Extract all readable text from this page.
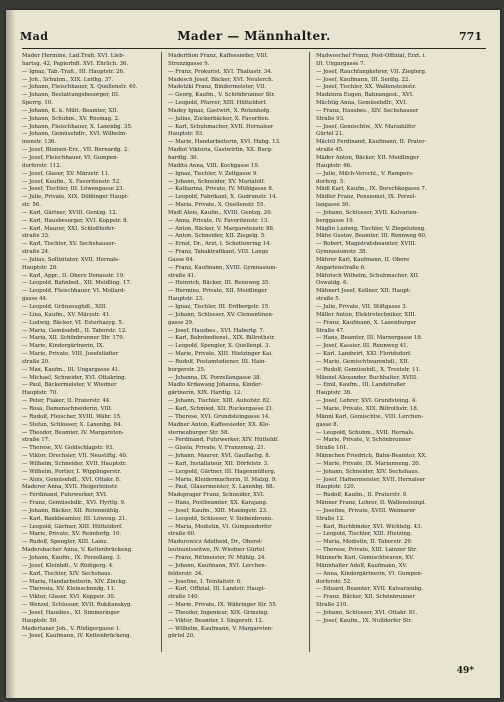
Mad	Mader — Männhalter.	771
Mader Hermine, Lad.Trafi. XVI. Lieb-
hartsg. 42, Papierhdl. XVI. Ehrlich. 36.
— Ignaz, Tab.-Trafi., III. Hauptstr. 26.
— Joh., Schuhm., XIX. Leithg. 37.
— Johann, Fleischhauer, X. Quellenstr. 40.
— Johann, Bestattungsbesorger, III.
Sperrg. 10.
— Johann, K. k. Milit.-Beamter, XII.
— Johann, Schuhm., XV. Rosinag. 2.
— Johann, Fleischhauer, X. Laxenbg. 35.
— Johann, Gemüsehdlr., XVI. Wilhelm-
inenstr. 136.
— Josef, Blumen-Erz., VII. Bernardg. 2.
— Josef, Fleischhauer, VI. Gumpen-
dorferstr. 112.
— Josef, Glaser, XV. Märzstr. 11.
— Josef, Kaufm., X. Favoritenstr. 52.
— Josef, Tischler, III. Löwengasse 23.
— Julie, Private, XIX. Döblinger Haupt-
str. 56.
— Karl, Gärtner, XVIII. Gentzg. 12.
— Karl, Hausbesorger, XVI. Koppstr. 8.
— Karl, Maurer, XXI. Schloßhofer-
straße 33.
— Karl, Tischler, XV. Sechshauser-
straße 24.
— Julius, Sollizitator, XVII. Hernals-
Hauptstr. 28.
— Karl, Appr., II. Obere Donaustr. 19.
— Leopold, Bahnbed., XII. Meidling. 17.
— Leopold, Fleischhauer, VI. Mollard-
gasse 44.
— Leopold, Grünzeughdl., XIII.
— Lina, Kaufm., XV. Märzstr. 41.
— Ludwig, Bäcker, VI. Esterhazyg. 5.
— Maria, Gemüsehdl., II. Taborstr. 12.
— Maria, XII. Schönbrunner Str. 179.
— Marie, Kindergärtnerin, IX.
— Marie, Private, VIII. Josefstädter
straße 20.
— Max, Kaufm., III. Ungargasse 41.
— Michael, Schneider, XVI. Ottakring.
— Paul, Bäckermeister, V. Wiedner
Hauptstr. 70.
— Peter, Fiaker, II. Praterstr. 44.
— Rosa, Damenschneiderin, VIII.
— Rudolf, Fleischer, XVIII. Währ. 15.
— Stefan, Schlosser, X. Laxenbg. 84.
— Theodor, Beamter, IV. Margareten-
straße 17.
— Therese, XV. Goldschlagstr. 93.
— Viktor, Drechsler, VII. Neustiftg. 40.
— Wilhelm, Schneider, XVII. Hauptstr.
— Wilhelm, Portier, I. Wipplingerstr.
— Alois, Gemüsehdl., XVI. Ottakr. 8.
Maderer Anna, XVII. Heigerleinstr.
— Ferdinand, Fuhrwerker, XVI.
— Franz, Gemüsehdlr., XVI. Hyrtlg. 9.
— Johann, Bäcker, XII. Rotenmühlg.
— Karl, Bankbeamter, III. Löweng. 21.
— Leopold, Gärtner, XIII. Hütteldorf.
— Marie, Private, XV. Reindorfg. 10.
— Rudolf, Spengler, XIII. Lainz.
Madersbacher Anna, V. Kettenbrückeng.
— Johann, Kaufm., IX. Porzellang. 3.
— Josef, Kleinhdl., V. Rüdigerg. 4.
— Karl, Tischler, XIV. Sechshaus.
— Maria, Handarbeiterin, XIV. Zinckg.
— Theresia, XV. Kleinschmidg. 11.
— Viktor, Glaser, XVI. Koppstr. 30.
— Wenzel, Schlosser, XVII. Rokitanskyg.
— Josef, Hausbes., XI. Simmeringer
Hauptstr. 50.
Madertaner Joh., V. Rüdigergasse 1.
— Josef, Kaufmann, IV. Kettenbrückeng.
Maderthon Franz, Kaffeesieder, VIII.
Strozzigasse 9.
— Franz, Prokurist, XVI. Thaliastr. 34.
Madesch Josef, Bäcker, XVI. Neulerch.
Madetzki Franz, Bindermeister, VII.
— Georg, Kaufm., V. Schönbrunner Str.
— Leopold, Pfarrer, XIII. Hütteldorf.
Madey Ignaz, Gastwirt, X. Rotenhofg.
— Julius, Zuckerbäcker, X. Favoriten.
— Karl, Schuhmacher, XVII. Hernalser
Hauptstr. 93.
— Marie, Handarbeiterin, XVI. Hubg. 13.
Madiot Viktoria, Gastwirtin, XX. Burg-
hardtg. 30.
Madita Anna, VIII. Kochgasse 19.
— Ignaz, Tischler, V. Zeltgasse 9.
— Johann, Schneider, XV. Mariahilf.
— Katharina, Private, IV. Mühlgasse 8.
— Leopold, Fabrikant, X. Gudrunstr. 14.
— Maria, Private, X. Quellenstr. 55.
Madl Alois, Kaufm., XVIII. Gentzg. 20.
— Anna, Private, IV. Favoritenstr. 13.
— Anton, Bäcker, V. Margaretenstr. 88.
— Anton, Schneider, XII. Ziegelg. 5.
— Ernst, Dr., Arzt, I. Schottenring 14.
— Franz, Tabaktrafikant, VIII. Lange
Gasse 64.
— Franz, Kaufmann, XVIII. Gymnasium-
straße 41.
— Heinrich, Bäcker, III. Rennweg 35.
— Hermine, Private, XII. Meidlinger
Hauptstr. 23.
— Ignaz, Tischler, III. Erdbergstr. 15.
— Johann, Schlosser, XV. Clementinen-
gasse 29.
— Josef, Hausbes., XVI. Haberlg. 7.
— Karl, Bahnbedienst., XIX. Billrothstr.
— Leopold, Spengler, X. Quellenpl. 3.
— Marie, Private, XIII. Hietzinger Kai.
— Rudolf, Postamtsdiener, III. Hain-
burgerstr. 25.
— Johanna, IX. Porzellangasse 38.
Madlo Krdawang Johanna, Kinder-
gärtnerin, XIX. Hardtg. 12.
— Johann, Tischler, XIII. Auhofstr. 82.
— Karl, Schmied, XII. Ruckergasse 21.
— Therese, XVI. Grundsteingasse 14.
Madner Anton, Kaffeesieder, XX. Klo-
sterneuburger Str. 58.
— Ferdinand, Fuhrwerker, XIV. Hütteldf.
— Gisela, Private, V. Franzensg. 21.
— Johann, Maurer, XVI. Gaullachg. 8.
— Karl, Installateur, XII. Dörfelstr. 3.
— Leopold, Gärtner, III. Hagenmüllerg.
— Maria, Kleidermacherin, II. Malzg. 9.
— Paul, Glasermeister, X. Laxenbg. 88.
Madsprager Franz, Schneider, XVI.
— Hans, Postbeamter, XX. Karajang.
— Josef, Kaufm., XIII. Maxingstr. 23.
— Leopold, Schlosser, V. Siebenbrunn.
— Maria, Modistin, VI. Gumpendorfer
straße 60.
Madurowicz Adelheid, Dr., Oberst-
leutnantswitwe, IV. Wiedner Gürtel.
— Franz, Rittmeister, IV. Mühlg. 24.
— Johann, Kaufmann, XVI. Lerchen-
felderstr. 34.
— Josefine, I. Teinfaltstr. 6.
— Karl, Offizial, III. Landstr. Haupt-
straße 140.
— Marie, Private, IX. Währinger Str. 55.
— Theodor, Ingenieur, XIX. Grinzing.
— Viktor, Beamter, I. Singerstr. 12.
— Wilhelm, Kaufmann, V. Margareten-
gürtel 20.
Madwoschef Franz, Post-Offizial, Erzt. i.
III. Ungargasse 7.
— Josef, Rauchfangkehrer, VII. Zieglerg.
— Josef, Kaufmann, III. Seidlg. 22.
— Josef, Tischler, XX. Wallensteinstr.
Madzinra Eugen, Bahnangest., XVI.
Mächtig Anna, Gemüsehdlr., XVI.
— Franz, Hausbes., XIV. Sechshauser
Straße 93.
— Josef, Gemischtw., XV. Mariahilfer
Gürtel 21.
Mächtl Ferdinand, Kaufmann, II. Prater-
straße 45.
Mäder Anton, Bäcker, XII. Meidlinger
Hauptstr. 66.
— Julie, Milch-Verschl., V. Rampers-
dorferg. 5.
Mädl Karl, Kaufm., IX. Borschkegasse 7.
Mädler Franz, Pensionist, IX. Porzel-
langasse 30.
— Johann, Schlosser, XVII. Kalvarien-
berggasse 19.
Mäglin Ludwig, Tischler, V. Ziegelofeng.
Mähe Gustav, Beamter, III. Rennweg 60.
— Robert, Magistratsbeamter, XVIII.
Gymnasiumstr. 38.
Mährer Karl, Kaufmann, II. Obere
Augartenstraße 6.
Mährisch Wilhelm, Schuhmacher, XII.
Oswaldg. 6.
Mähnert Josef, Kellner, XII. Haupt-
straße 5.
— Julie, Private, VII. Stiftgasse 3.
Mäller Anton, Elektrotechniker, XIII.
— Franz, Kaufmann, X. Laxenburger
Straße 47.
— Hans, Beamter, III. Marxergasse 18.
— Josef, Kassier, III. Rennweg 41.
— Karl, Landwirt, XXI. Floridsdorf.
— Marie, Gemischtwarenhdl., XII.
— Rudolf, Gemüsehdl., X. Troststr. 11.
Männel Alexander, Buchhalter, XVIII.
— Emil, Kaufm., III. Landstraßer
Hauptstr. 36.
— Josef, Lehrer, XVI. Grundsteing. 4.
— Marie, Private, XIX. Billrothstr. 18.
Männl Karl, Gemischtw., VIII. Lerchen-
gasse 8.
— Leopold, Schuhm., XVII. Hernals.
— Marie, Private, V. Schönbrunner
Straße 101.
Männchen Friedrich, Bahn-Beamter, XX.
— Marie, Private, IX. Marianneng. 20.
— Johann, Schneider, XIV. Sechshaus.
— Josef, Hafnermeister, XVII. Hernalser
Hauptstr. 120.
— Rudolf, Kaufm., II. Praterstr. 9.
Männer Franz, Lehrer, II. Wallensteinpl.
— Josefine, Private, XVIII. Weimarer
Straße 12.
— Karl, Buchbinder, XVI. Wichtelg. 43.
— Leopold, Tischler, XIII. Hietzing.
— Maria, Modistin, II. Taborstr. 29.
— Therese, Private, XIII. Lainzer Str.
Männerle Karl, Gemischtwaren, XV.
Männhalter Adolf, Kaufmann, XV.
— Anna, Kindergärtnerin, VI. Gumpen-
dorferstr. 52.
— Eduard, Beamter, XVII. Kalvarienbg.
— Franz, Bäcker, XII. Schönbrunner
Straße 210.
— Johann, Schlosser, XVI. Ottakr. 81.
— Josef, Kaufm., IX. Nußdorfer Str.
49*
